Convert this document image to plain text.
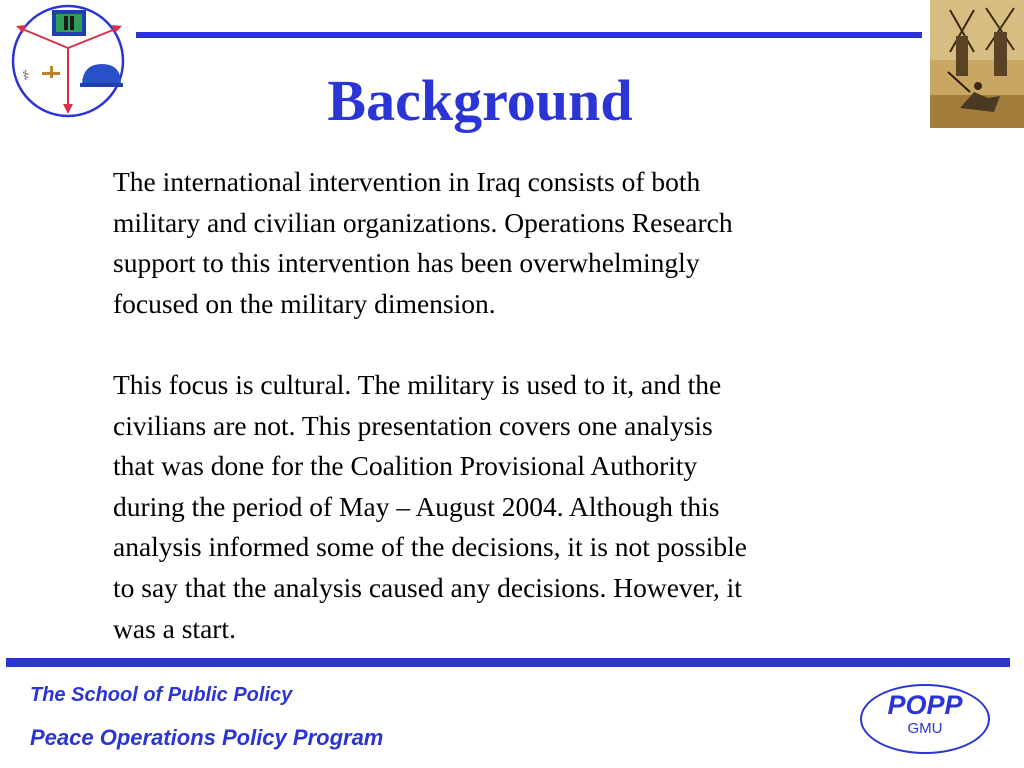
⚕	Background

The international intervention in Iraq consists of both
military and civilian organizations. Operations Research
support to this intervention has been overwhelmingly
focused on the military dimension.

This focus is cultural. The military is used to it, and the
civilians are not. This presentation covers one analysis
that was done for the Coalition Provisional Authority
during the period of May – August 2004. Although this
analysis informed some of the decisions, it is not possible
to say that the analysis caused any decisions. However, it
was a start.

The School of Public Policy
Peace Operations Policy Program
POPP
GMU
